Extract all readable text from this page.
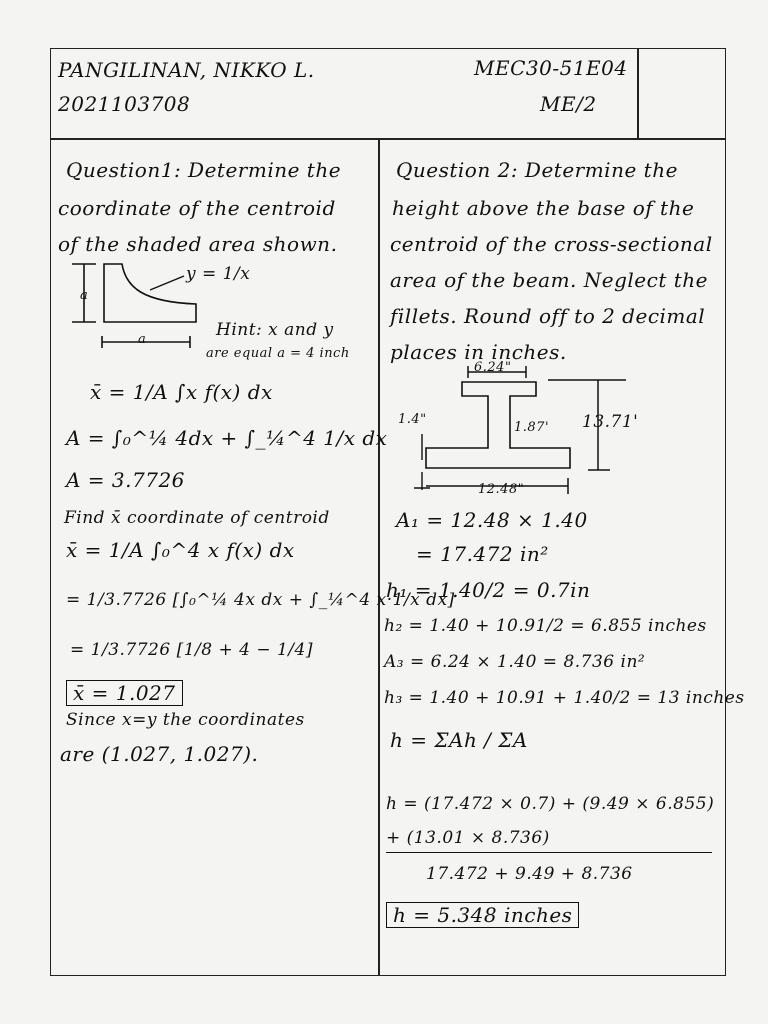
PANGILINAN, NIKKO L.
2021103708
MEC30-51E04
ME/2
Question1: Determine the
coordinate of the centroid
of the shaded area shown.
y = 1/x
a
a	Hint: x and y
are equal a = 4 inch
x̄ = 1/A ∫x f(x) dx
A = ∫₀^¼ 4dx + ∫_¼^4 1/x dx
A = 3.7726
Find x̄ coordinate of centroid
x̄ = 1/A ∫₀^4 x f(x) dx
= 1/3.7726 [∫₀^¼ 4x dx + ∫_¼^4 x·1/x dx]
= 1/3.7726 [1/8 + 4 − 1/4]
x̄ = 1.027
Since x=y the coordinates
are (1.027, 1.027).
Question 2: Determine the
height above the base of the
centroid of the cross-sectional
area of the beam. Neglect the
fillets. Round off to 2 decimal
places in inches.
6.24"
1.87' 13.71'
1.4"
12.48"
A₁ = 12.48 × 1.40
= 17.472 in²
h₁ = 1.40/2 = 0.7in
h₂ = 1.40 + 10.91/2 = 6.855 inches
A₃ = 6.24 × 1.40 = 8.736 in²
h₃ = 1.40 + 10.91 + 1.40/2 = 13 inches
h = ΣAh / ΣA
h = (17.472 × 0.7) + (9.49 × 6.855)
+ (13.01 × 8.736)
17.472 + 9.49 + 8.736
h = 5.348 inches
